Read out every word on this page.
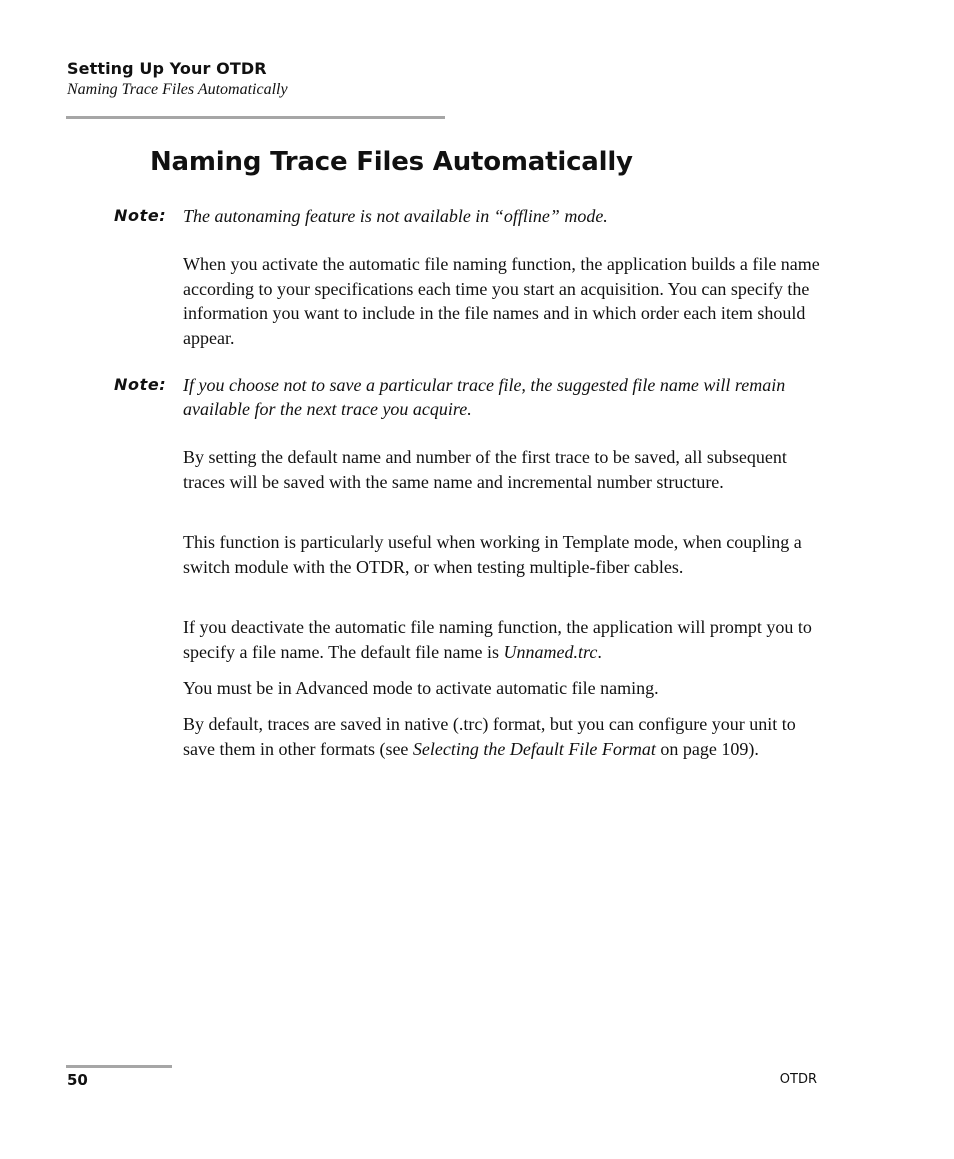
Setting Up Your OTDR
Naming Trace Files Automatically
Naming Trace Files Automatically
Note: The autonaming feature is not available in “offline” mode.

When you activate the automatic file naming function, the application builds a file name according to your specifications each time you start an acquisition. You can specify the information you want to include in the file names and in which order each item should appear.

Note: If you choose not to save a particular trace file, the suggested file name will remain available for the next trace you acquire.

By setting the default name and number of the first trace to be saved, all subsequent traces will be saved with the same name and incremental number structure.

This function is particularly useful when working in Template mode, when coupling a switch module with the OTDR, or when testing multiple-fiber cables.

If you deactivate the automatic file naming function, the application will prompt you to specify a file name. The default file name is Unnamed.trc.

You must be in Advanced mode to activate automatic file naming.

By default, traces are saved in native (.trc) format, but you can configure your unit to save them in other formats (see Selecting the Default File Format on page 109).

50	OTDR
